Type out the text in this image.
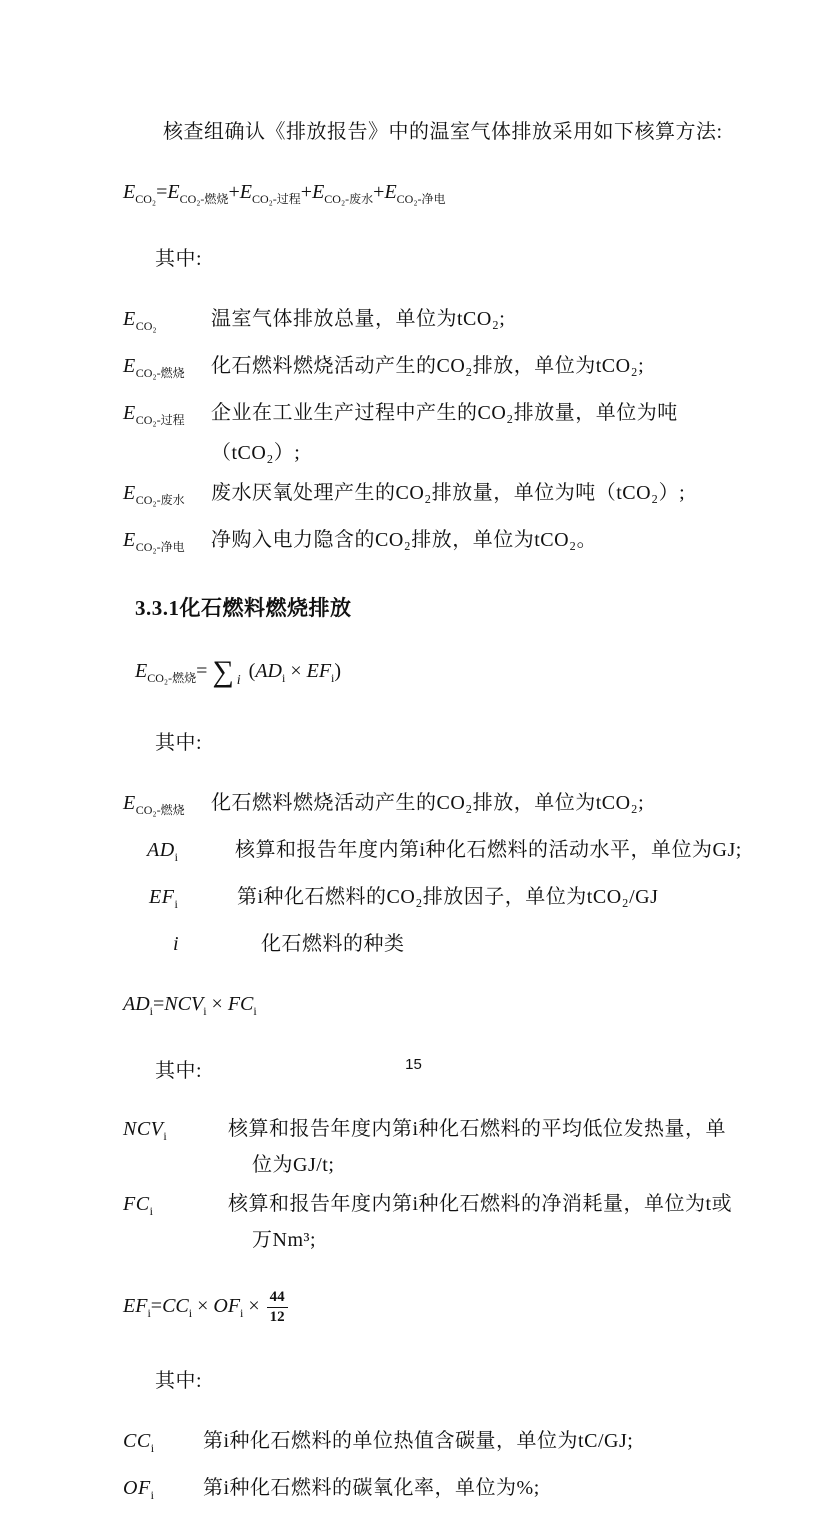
核查组确认《排放报告》中的温室气体排放采用如下核算方法:

$E_{CO_2}=E_{CO_2-燃烧}+E_{CO_2-过程}+E_{CO_2-废水}+E_{CO_2-净电}$

其中:

$E_{CO_2}$	温室气体排放总量，单位为tCO₂;
$E_{CO_2-燃烧}$	化石燃料燃烧活动产生的CO₂排放，单位为tCO₂;
$E_{CO_2-过程}$	企业在工业生产过程中产生的CO₂排放量，单位为吨（tCO₂）;
$E_{CO_2-废水}$	废水厌氧处理产生的CO₂排放量，单位为吨（tCO₂）;
$E_{CO_2-净电}$	净购入电力隐含的CO₂排放，单位为tCO₂。
3.3.1化石燃料燃烧排放

$E_{CO_2-燃烧}=$ ∑ $_i$ $(AD_i \times EF_i)$

其中:

$E_{CO_2-燃烧}$	化石燃料燃烧活动产生的CO₂排放，单位为tCO₂;
$AD_i$	核算和报告年度内第i种化石燃料的活动水平，单位为GJ;
$EF_i$	第i种化石燃料的CO₂排放因子，单位为tCO₂/GJ
i	化石燃料的种类

$AD_i=NCV_i \times FC_i$

其中:

$NCV_i$	核算和报告年度内第i种化石燃料的平均低位发热量，单位为GJ/t;
$FC_i$	核算和报告年度内第i种化石燃料的净消耗量，单位为t或万Nm³;

$EF_i=CC_i \times OF_i \times \frac{44}{12}$

其中:

$CC_i$	第i种化石燃料的单位热值含碳量，单位为tC/GJ;
$OF_i$	第i种化石燃料的碳氧化率，单位为%;
15
